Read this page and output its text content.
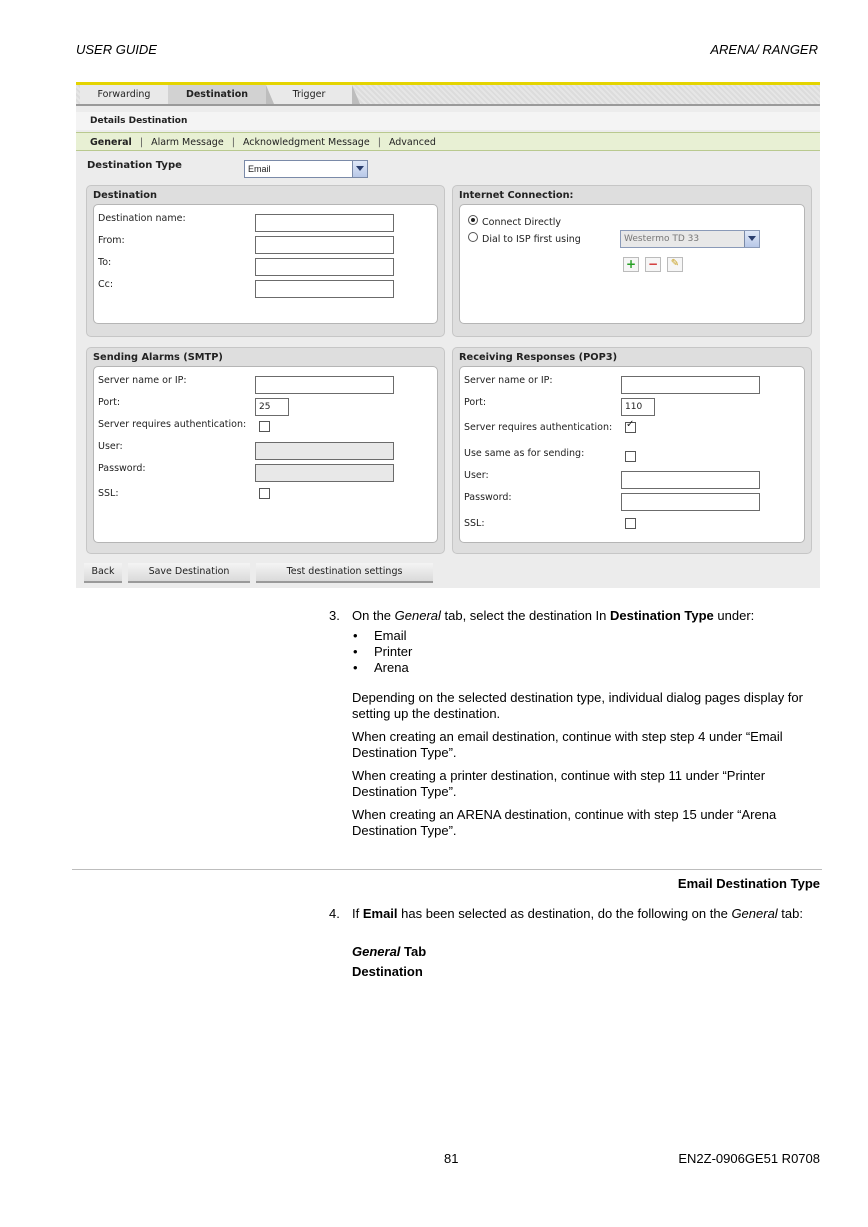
USER GUIDE	ARENA/ RANGER
Forwarding	Trigger
Destination
Details Destination
General | Alarm Message | Acknowledgment Message | Advanced
Destination Type	Email
Destination
Destination name:
From:
To:
Cc:
Internet Connection:
Connect Directly
Dial to ISP first using	Westermo TD 33
+ − ✎
Sending Alarms (SMTP)
Server name or IP:
Port:	25
Server requires authentication:
User:
Password:
SSL:
Receiving Responses (POP3)
Server name or IP:
Port:	110
Server requires authentication:
✓
Use same as for sending:
User:
Password:
SSL:
Back	Save Destination	Test destination settings
3. On the General tab, select the destination In Destination Type under:
• Email
• Printer
• Arena
Depending on the selected destination type, individual dialog pages display for setting up the destination.
When creating an email destination, continue with step step 4 under “Email Destination Type”.
When creating a printer destination, continue with step 11 under “Printer Destination Type”.
When creating an ARENA destination, continue with step 15 under “Arena Destination Type”.
Email Destination Type
4. If Email has been selected as destination, do the following on the General tab:
General Tab
Destination
81	EN2Z-0906GE51 R0708
